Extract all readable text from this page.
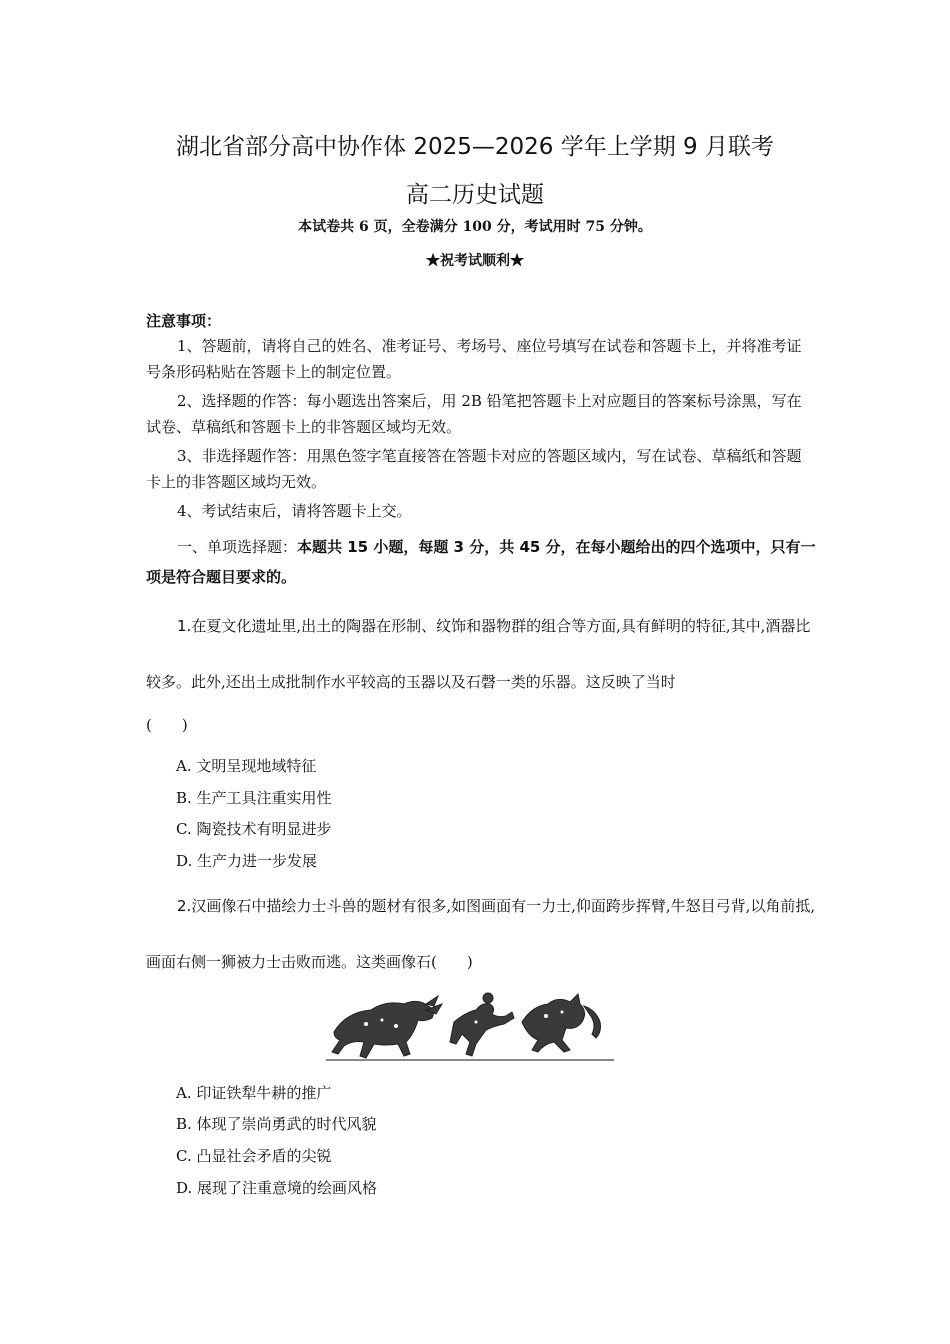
湖北省部分高中协作体 2025—2026 学年上学期 9 月联考
高二历史试题
本试卷共 6 页，全卷满分 100 分，考试用时 75 分钟。
★祝考试顺利★
注意事项：
1、答题前，请将自己的姓名、准考证号、考场号、座位号填写在试卷和答题卡上，并将准考证号条形码粘贴在答题卡上的制定位置。
2、选择题的作答：每小题选出答案后，用 2B 铅笔把答题卡上对应题目的答案标号涂黑，写在试卷、草稿纸和答题卡上的非答题区域均无效。
3、非选择题作答：用黑色签字笔直接答在答题卡对应的答题区域内，写在试卷、草稿纸和答题卡上的非答题区域均无效。
4、考试结束后，请将答题卡上交。
一、单项选择题：本题共 15 小题，每题 3 分，共 45 分，在每小题给出的四个选项中，只有一项是符合题目要求的。
1.在夏文化遗址里,出土的陶器在形制、纹饰和器物群的组合等方面,具有鲜明的特征,其中,酒器比较多。此外,还出土成批制作水平较高的玉器以及石磬一类的乐器。这反映了当时
(　　)
A. 文明呈现地域特征
B. 生产工具注重实用性
C. 陶瓷技术有明显进步
D. 生产力进一步发展
2.汉画像石中描绘力士斗兽的题材有很多,如图画面有一力士,仰面跨步挥臂,牛怒目弓背,以角前抵,画面右侧一狮被力士击败而逃。这类画像石(　　)
A. 印证铁犁牛耕的推广
B. 体现了崇尚勇武的时代风貌
C. 凸显社会矛盾的尖锐
D. 展现了注重意境的绘画风格
